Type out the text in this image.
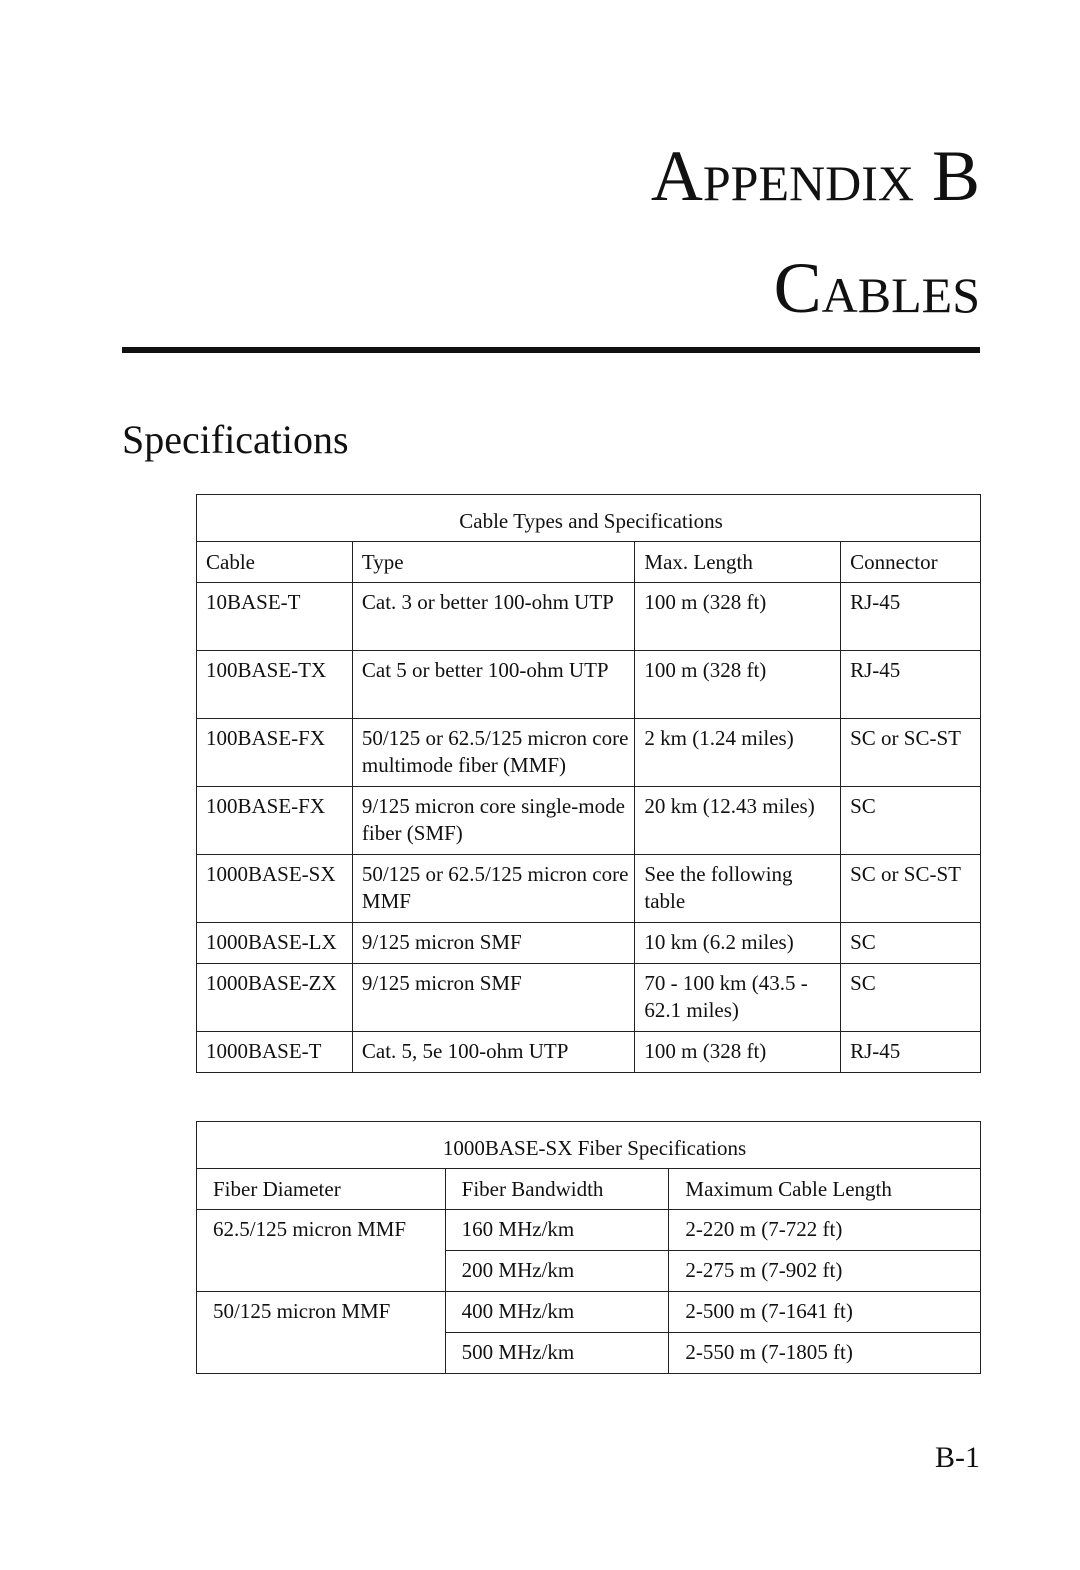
Appendix B
Cables
Specifications
Cable Types and Specifications			
Cable	Type	Max. Length	Connector
10BASE-T	Cat. 3 or better 100-ohm UTP	100 m (328 ft)	RJ-45
100BASE-TX	Cat 5 or better 100-ohm UTP	100 m (328 ft)	RJ-45
100BASE-FX	50/125 or 62.5/125 micron core multimode fiber (MMF)	2 km (1.24 miles)	SC or SC-ST
100BASE-FX	9/125 micron core single-mode fiber (SMF)	20 km (12.43 miles)	SC
1000BASE-SX	50/125 or 62.5/125 micron core MMF	See the following table	SC or SC-ST
1000BASE-LX	9/125 micron SMF	10 km (6.2 miles)	SC
1000BASE-ZX	9/125 micron SMF	70 - 100 km (43.5 - 62.1 miles)	SC
1000BASE-T	Cat. 5, 5e 100-ohm UTP	100 m (328 ft)	RJ-45
1000BASE-SX Fiber Specifications		
Fiber Diameter	Fiber Bandwidth	Maximum Cable Length
62.5/125 micron MMF	160 MHz/km	2-220 m (7-722 ft)
	200 MHz/km	2-275 m (7-902 ft)
50/125 micron MMF	400 MHz/km	2-500 m (7-1641 ft)
	500 MHz/km	2-550 m (7-1805 ft)
B-1
